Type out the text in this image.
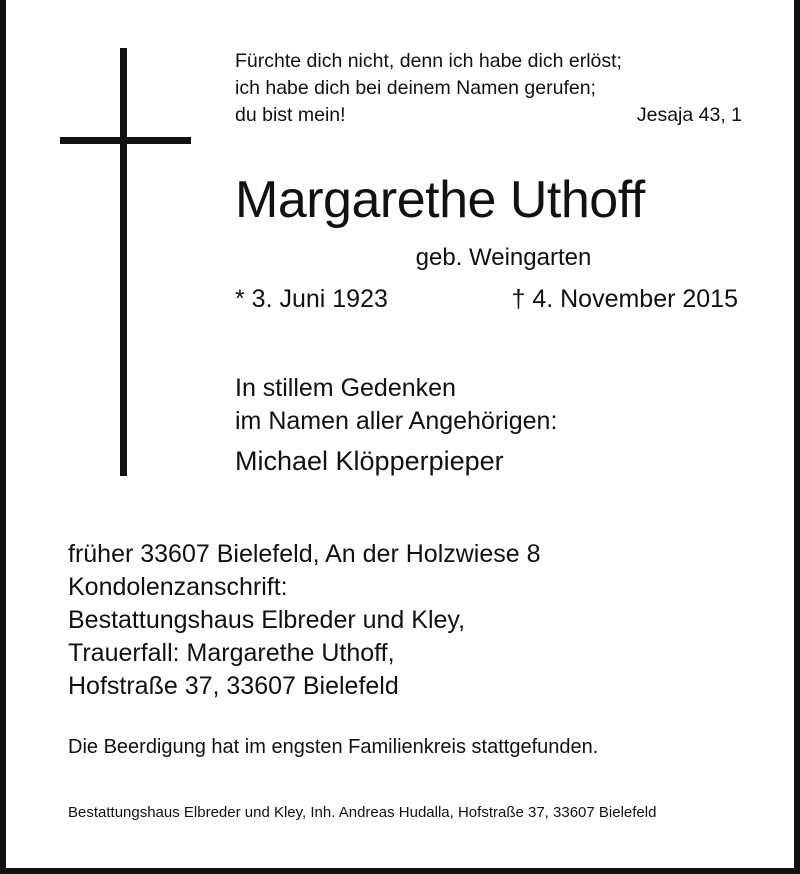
Fürchte dich nicht, denn ich habe dich erlöst;
ich habe dich bei deinem Namen gerufen;
du bist mein!	Jesaja 43, 1
Margarethe Uthoff
geb. Weingarten
* 3. Juni 1923	† 4. November 2015
In stillem Gedenken
im Namen aller Angehörigen:
Michael Klöpperpieper
früher 33607 Bielefeld, An der Holzwiese 8
Kondolenzanschrift:
Bestattungshaus Elbreder und Kley,
Trauerfall: Margarethe Uthoff,
Hofstraße 37, 33607 Bielefeld
Die Beerdigung hat im engsten Familienkreis stattgefunden.
Bestattungshaus Elbreder und Kley, Inh. Andreas Hudalla, Hofstraße 37, 33607 Bielefeld
